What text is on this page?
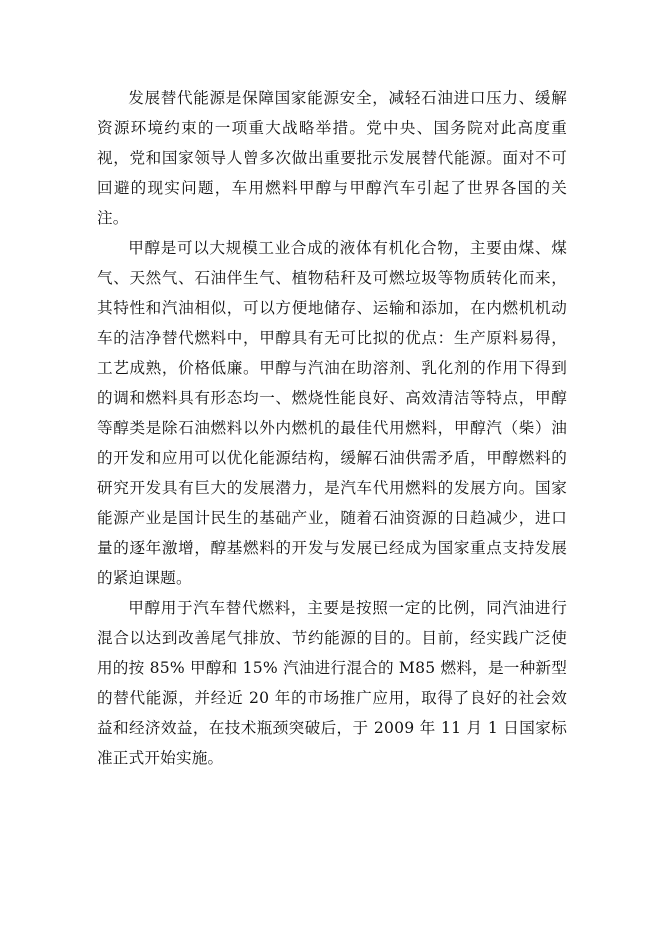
发展替代能源是保障国家能源安全，减轻石油进口压力、缓解资源环境约束的一项重大战略举措。党中央、国务院对此高度重视，党和国家领导人曾多次做出重要批示发展替代能源。面对不可回避的现实问题，车用燃料甲醇与甲醇汽车引起了世界各国的关注。

甲醇是可以大规模工业合成的液体有机化合物，主要由煤、煤气、天然气、石油伴生气、植物秸秆及可燃垃圾等物质转化而来，其特性和汽油相似，可以方便地储存、运输和添加，在内燃机机动车的洁净替代燃料中，甲醇具有无可比拟的优点：生产原料易得，工艺成熟，价格低廉。甲醇与汽油在助溶剂、乳化剂的作用下得到的调和燃料具有形态均一、燃烧性能良好、高效清洁等特点，甲醇等醇类是除石油燃料以外内燃机的最佳代用燃料，甲醇汽（柴）油的开发和应用可以优化能源结构，缓解石油供需矛盾，甲醇燃料的研究开发具有巨大的发展潜力，是汽车代用燃料的发展方向。国家能源产业是国计民生的基础产业，随着石油资源的日趋减少，进口量的逐年激增，醇基燃料的开发与发展已经成为国家重点支持发展的紧迫课题。

甲醇用于汽车替代燃料，主要是按照一定的比例，同汽油进行混合以达到改善尾气排放、节约能源的目的。目前，经实践广泛使用的按 85% 甲醇和 15% 汽油进行混合的 M85 燃料，是一种新型的替代能源，并经近 20 年的市场推广应用，取得了良好的社会效益和经济效益，在技术瓶颈突破后，于 2009 年 11 月 1 日国家标准正式开始实施。
